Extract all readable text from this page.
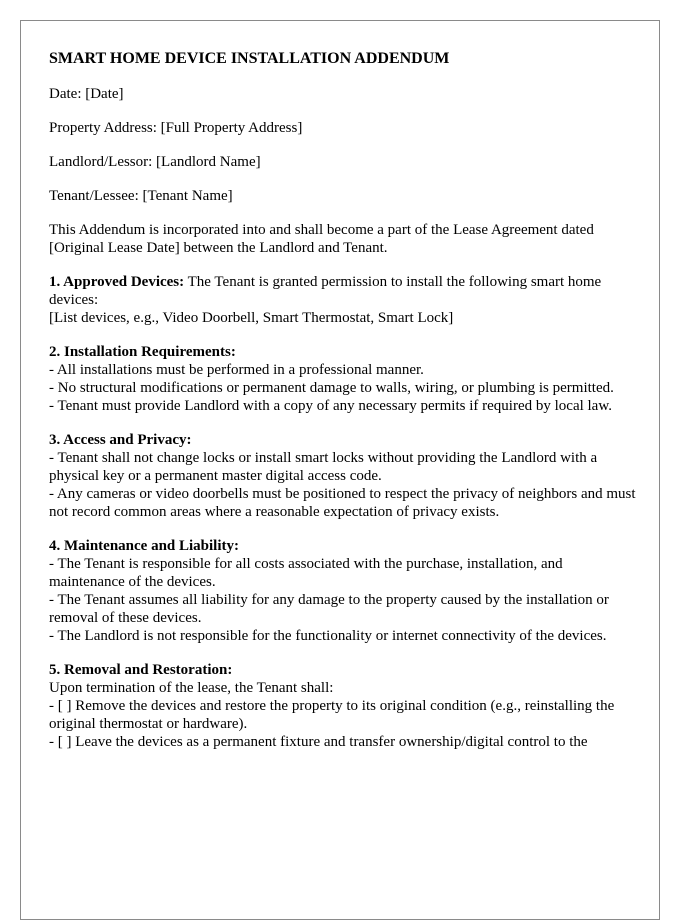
SMART HOME DEVICE INSTALLATION ADDENDUM

Date: [Date]

Property Address: [Full Property Address]

Landlord/Lessor: [Landlord Name]

Tenant/Lessee: [Tenant Name]

This Addendum is incorporated into and shall become a part of the Lease Agreement dated [Original Lease Date] between the Landlord and Tenant.

1. Approved Devices: The Tenant is granted permission to install the following smart home devices:
[List devices, e.g., Video Doorbell, Smart Thermostat, Smart Lock]
2. Installation Requirements:
- All installations must be performed in a professional manner.
- No structural modifications or permanent damage to walls, wiring, or plumbing is permitted.
- Tenant must provide Landlord with a copy of any necessary permits if required by local law.
3. Access and Privacy:
- Tenant shall not change locks or install smart locks without providing the Landlord with a physical key or a permanent master digital access code.
- Any cameras or video doorbells must be positioned to respect the privacy of neighbors and must not record common areas where a reasonable expectation of privacy exists.
4. Maintenance and Liability:
- The Tenant is responsible for all costs associated with the purchase, installation, and maintenance of the devices.
- The Tenant assumes all liability for any damage to the property caused by the installation or removal of these devices.
- The Landlord is not responsible for the functionality or internet connectivity of the devices.
5. Removal and Restoration:
Upon termination of the lease, the Tenant shall:
- [ ] Remove the devices and restore the property to its original condition (e.g., reinstalling the original thermostat or hardware).
- [ ] Leave the devices as a permanent fixture and transfer ownership/digital control to the
